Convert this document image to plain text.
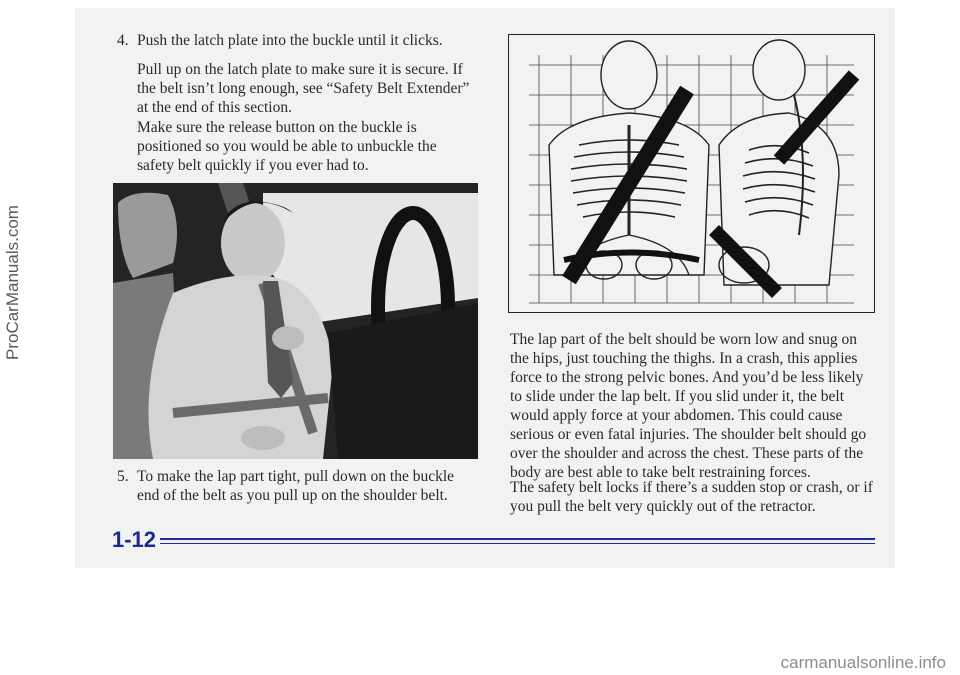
ProCarManuals.com
4. Push the latch plate into the buckle until it clicks.

Pull up on the latch plate to make sure it is secure. If the belt isn’t long enough, see “Safety Belt Extender” at the end of this section.

Make sure the release button on the buckle is positioned so you would be able to unbuckle the safety belt quickly if you ever had to.

5. To make the lap part tight, pull down on the buckle end of the belt as you pull up on the shoulder belt.

The lap part of the belt should be worn low and snug on the hips, just touching the thighs. In a crash, this applies force to the strong pelvic bones. And you’d be less likely to slide under the lap belt. If you slid under it, the belt would apply force at your abdomen. This could cause serious or even fatal injuries. The shoulder belt should go over the shoulder and across the chest. These parts of the body are best able to take belt restraining forces.

The safety belt locks if there’s a sudden stop or crash, or if you pull the belt very quickly out of the retractor.

1-12
carmanualsonline.info
